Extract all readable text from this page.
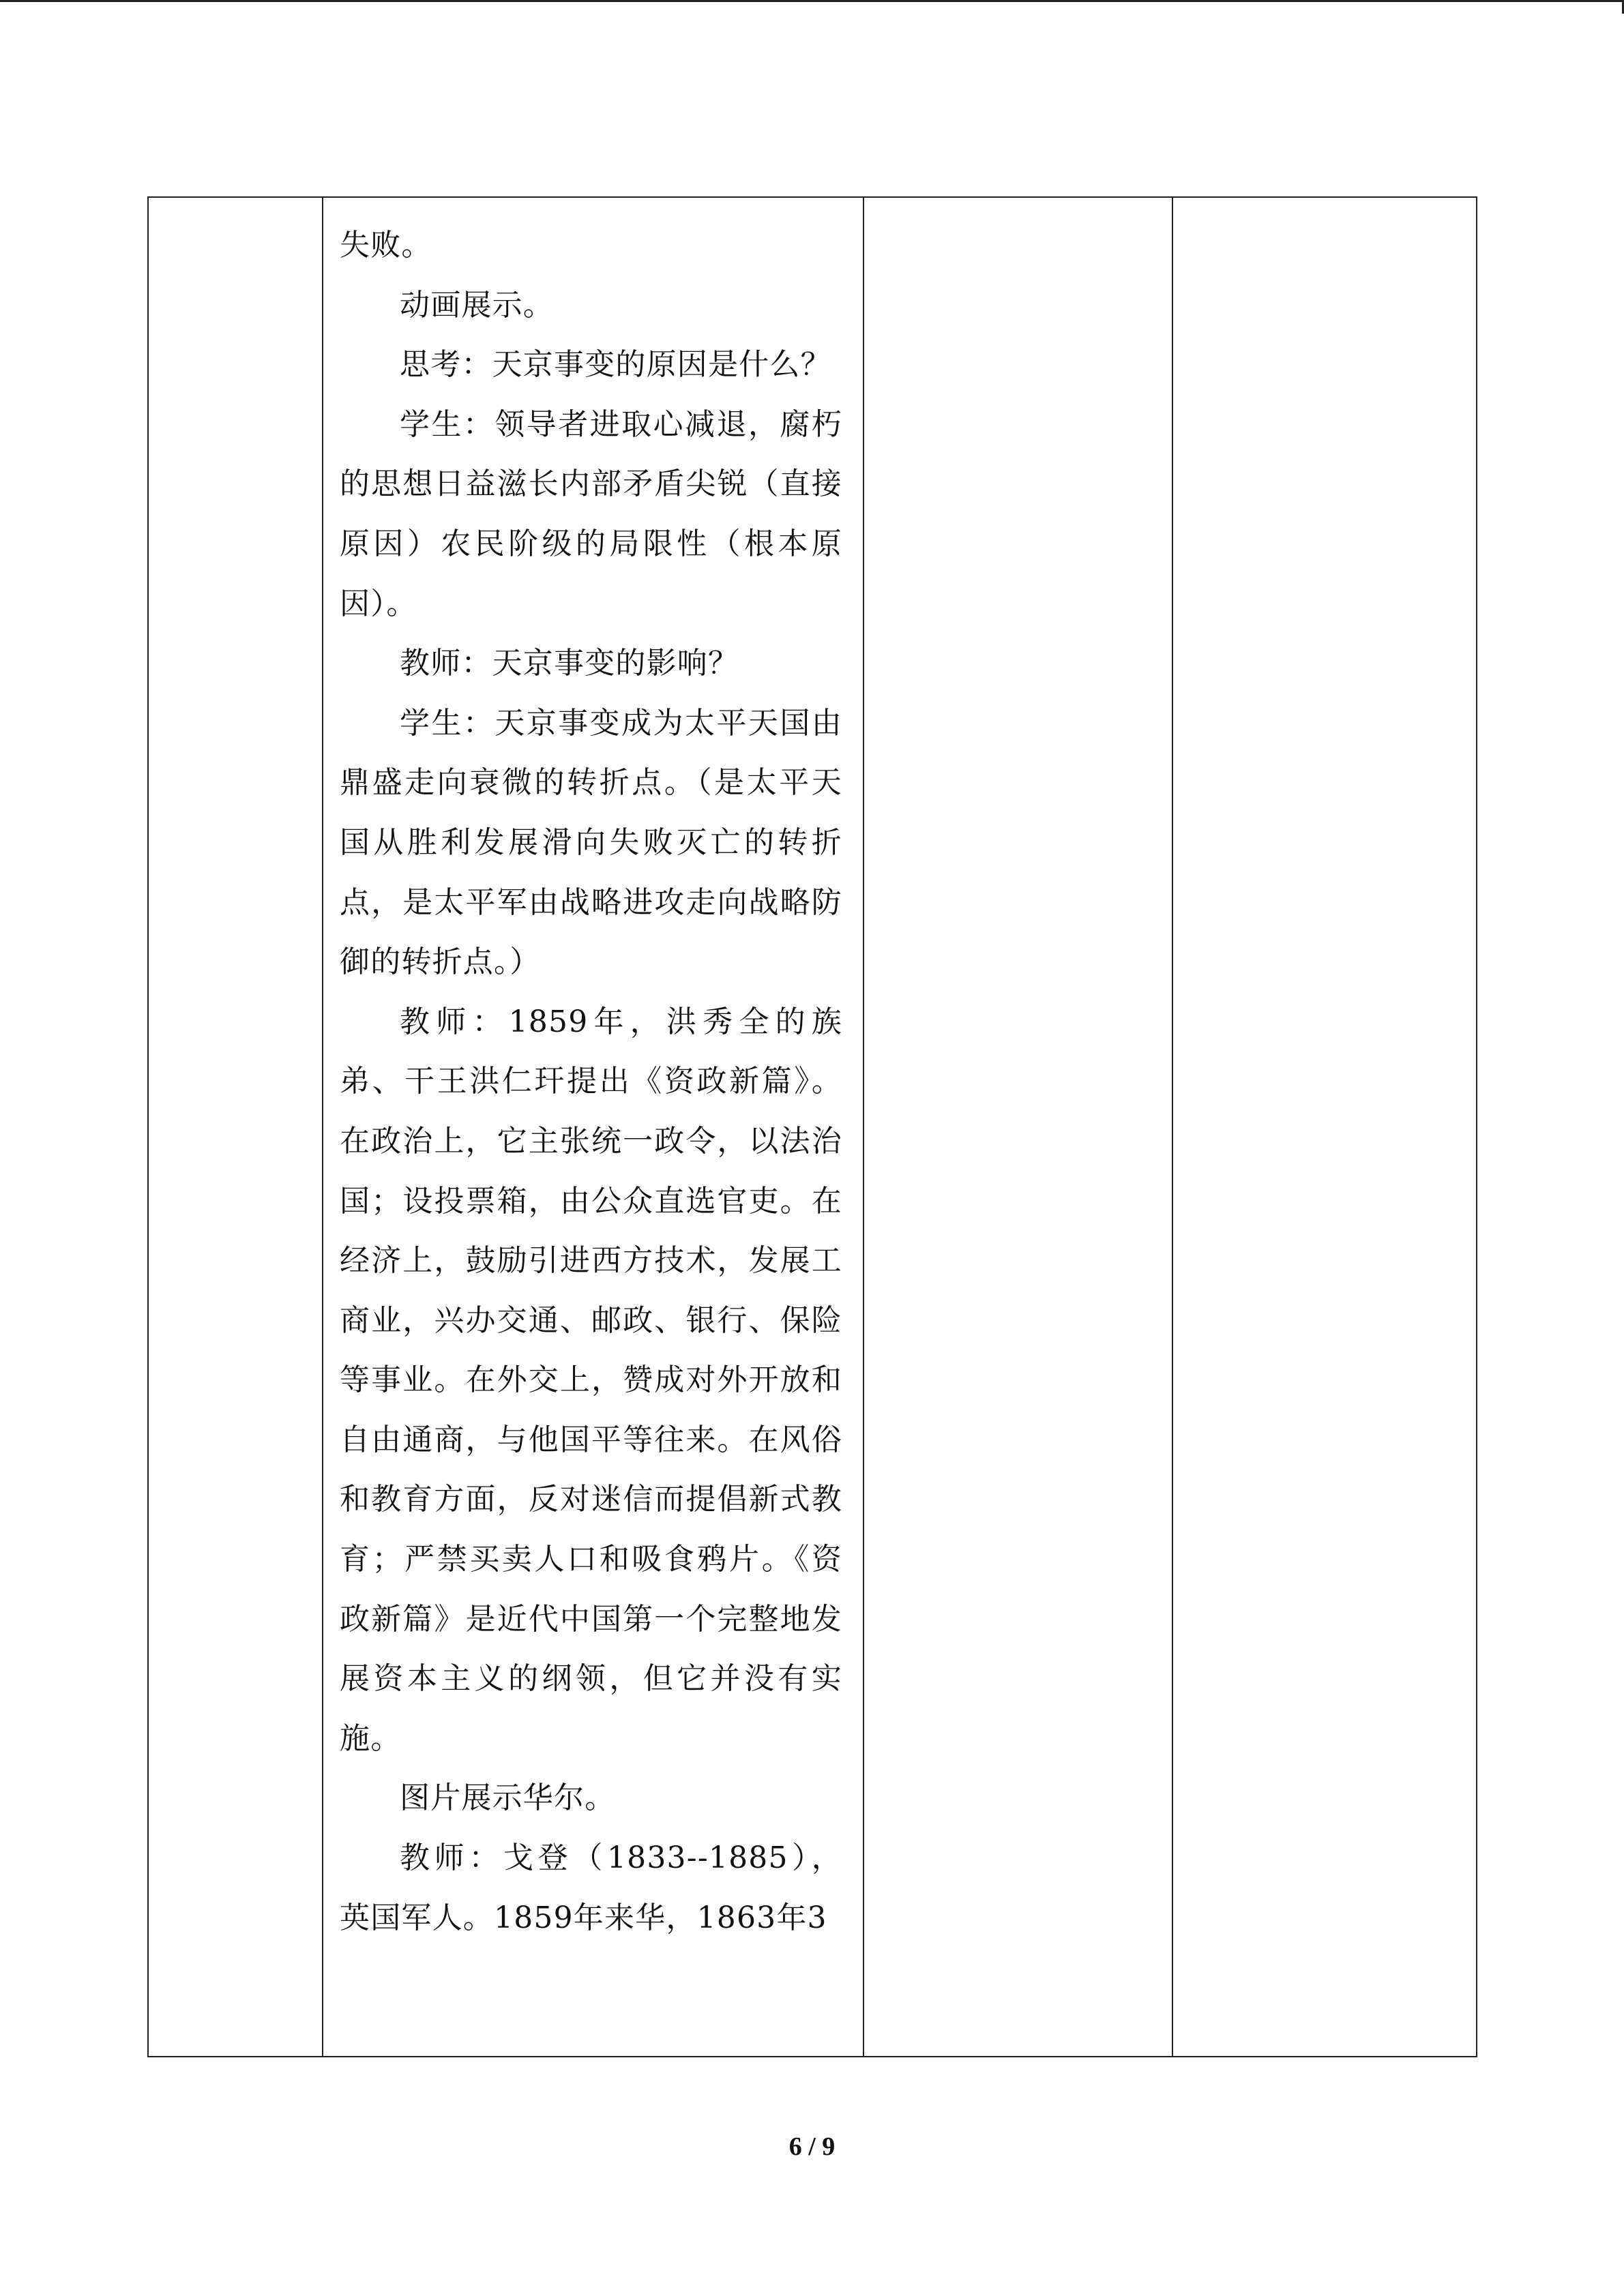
失败。

动画展示。

思考：天京事变的原因是什么？

学生：领导者进取心减退，腐朽的思想日益滋长内部矛盾尖锐（直接原因）农民阶级的局限性（根本原因）。

教师：天京事变的影响？

学生：天京事变成为太平天国由鼎盛走向衰微的转折点。（是太平天国从胜利发展滑向失败灭亡的转折点，是太平军由战略进攻走向战略防御的转折点。）

教师：1859年，洪秀全的族弟、干王洪仁玕提出《资政新篇》。在政治上，它主张统一政令，以法治国；设投票箱，由公众直选官吏。在经济上，鼓励引进西方技术，发展工商业，兴办交通、邮政、银行、保险等事业。在外交上，赞成对外开放和自由通商，与他国平等往来。在风俗和教育方面，反对迷信而提倡新式教育；严禁买卖人口和吸食鸦片。《资政新篇》是近代中国第一个完整地发展资本主义的纲领，但它并没有实施。

图片展示华尔。

教师：戈登（1833--1885），英国军人。1859年来华，1863年3

6 / 9
